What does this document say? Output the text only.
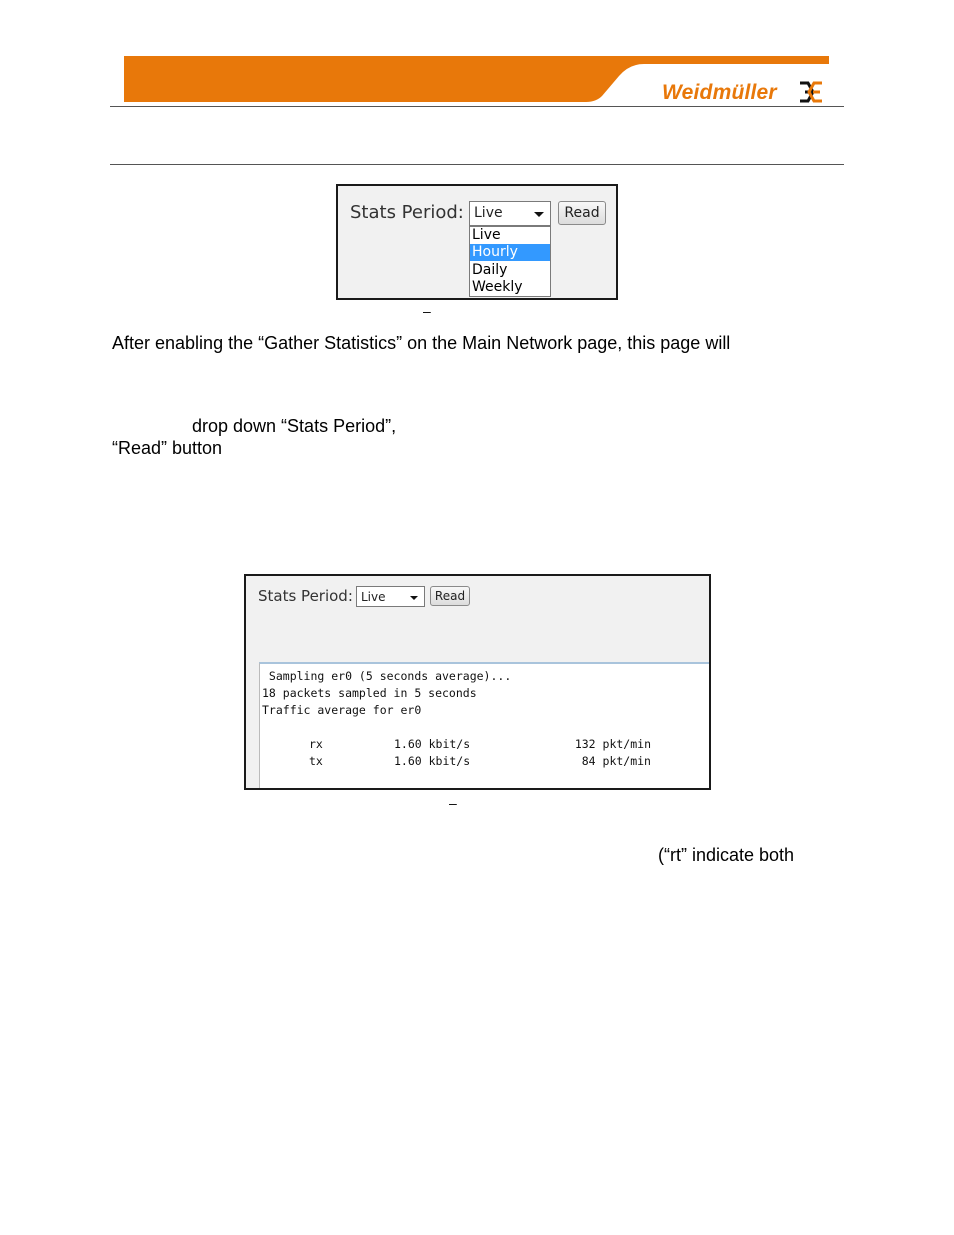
Weidmüller
Stats Period: Live	Read
Live
Hourly
Daily
Weekly
–
After enabling the “Gather Statistics” on the Main Network page, this page will
drop down “Stats Period”,
“Read” button
Stats Period: Live	Read
Sampling er0 (5 seconds average)...
18 packets sampled in 5 seconds
Traffic average for er0
rx	1.60 kbit/s	132 pkt/min
tx	1.60 kbit/s	84 pkt/min
–
(“rt” indicate both
